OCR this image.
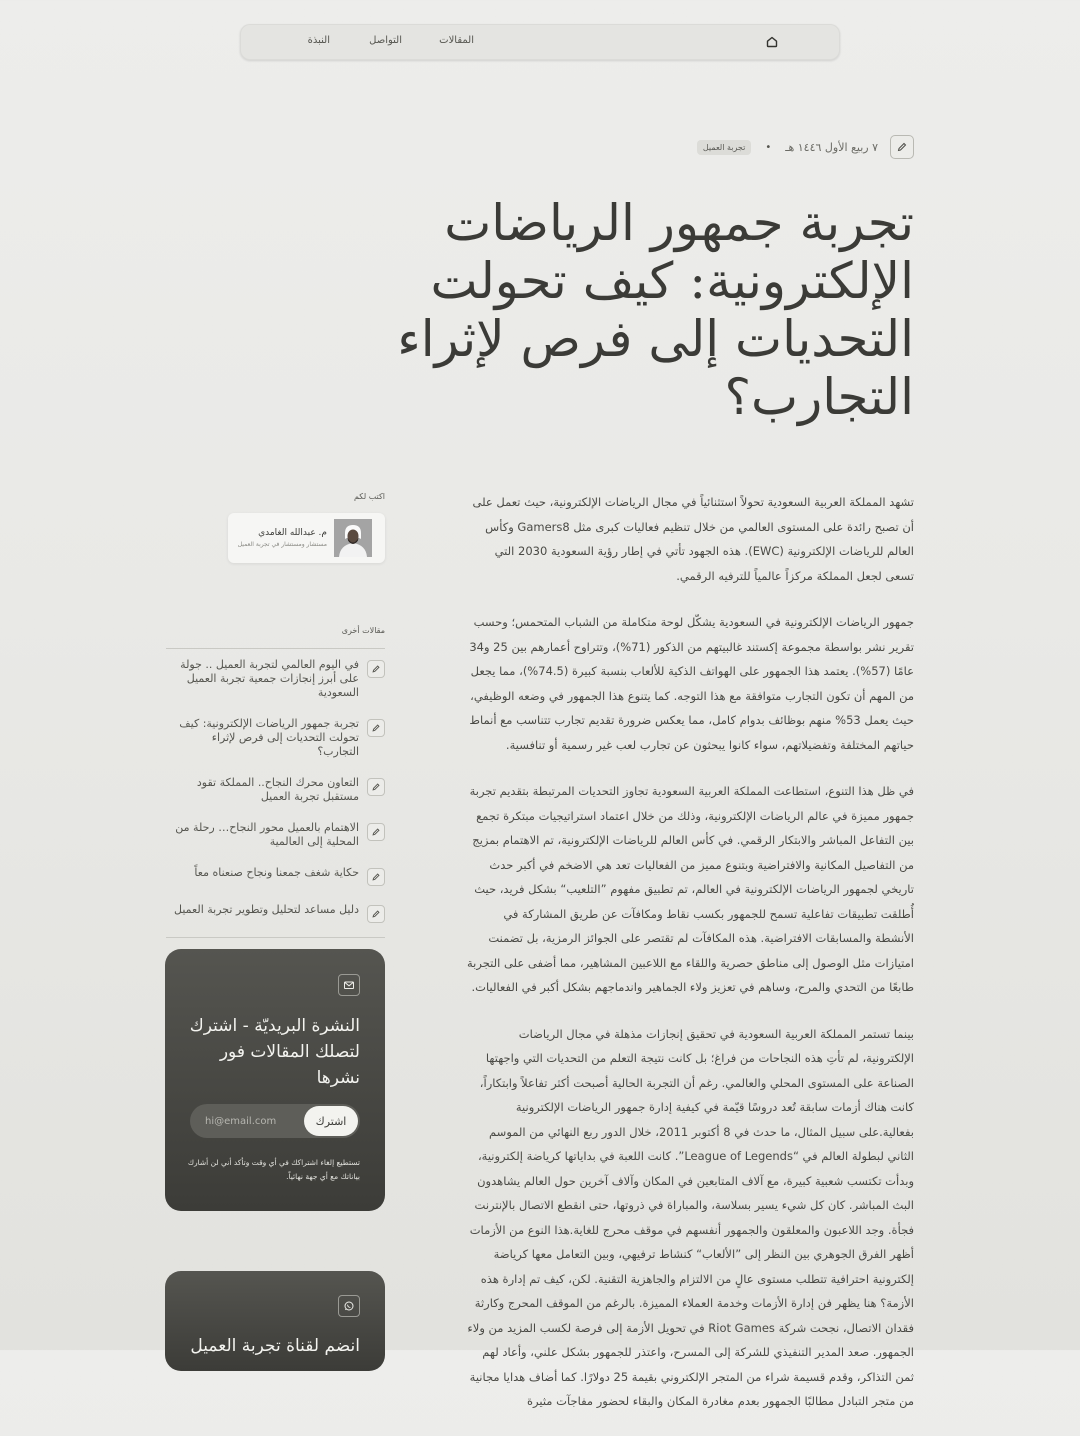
المقالات
التواصل
النبذة
٧ ربيع الأول ١٤٤٦ هـ
•
تجربة العميل
تجربة جمهور الرياضات الإلكترونية: كيف تحولت التحديات إلى فرص لإثراء التجارب؟

تشهد المملكة العربية السعودية تحولاً استثنائياً في مجال الرياضات الإلكترونية، حيث تعمل على أن تصبح رائدة على المستوى العالمي من خلال تنظيم فعاليات كبرى مثل Gamers8 وكأس العالم للرياضات الإلكترونية (EWC). هذه الجهود تأتي في إطار رؤية السعودية 2030 التي تسعى لجعل المملكة مركزاً عالمياً للترفيه الرقمي.

جمهور الرياضات الإلكترونية في السعودية يشكّل لوحة متكاملة من الشباب المتحمس؛ وحسب تقرير نشر بواسطة مجموعة إكستند غالبيتهم من الذكور (71%)، وتتراوح أعمارهم بين 25 و34 عامًا (57%). يعتمد هذا الجمهور على الهواتف الذكية للألعاب بنسبة كبيرة (74.5%)، مما يجعل من المهم أن تكون التجارب متوافقة مع هذا التوجه. كما يتنوع هذا الجمهور في وضعه الوظيفي، حيث يعمل 53% منهم بوظائف بدوام كامل، مما يعكس ضرورة تقديم تجارب تتناسب مع أنماط حياتهم المختلفة وتفضيلاتهم، سواء كانوا يبحثون عن تجارب لعب غير رسمية أو تنافسية.

في ظل هذا التنوع، استطاعت المملكة العربية السعودية تجاوز التحديات المرتبطة بتقديم تجربة جمهور مميزة في عالم الرياضات الإلكترونية، وذلك من خلال اعتماد استراتيجيات مبتكرة تجمع بين التفاعل المباشر والابتكار الرقمي. في كأس العالم للرياضات الإلكترونية، تم الاهتمام بمزيج من التفاصيل المكانية والافتراضية وبتنوع مميز من الفعاليات تعد هي الاضخم في أكبر حدث تاريخي لجمهور الرياضات الإلكترونية في العالم، تم تطبيق مفهوم ”التلعيب“ بشكل فريد، حيث أُطلقت تطبيقات تفاعلية تسمح للجمهور بكسب نقاط ومكافآت عن طريق المشاركة في الأنشطة والمسابقات الافتراضية. هذه المكافآت لم تقتصر على الجوائز الرمزية، بل تضمنت امتيازات مثل الوصول إلى مناطق حصرية واللقاء مع اللاعبين المشاهير، مما أضفى على التجربة طابعًا من التحدي والمرح، وساهم في تعزيز ولاء الجماهير واندماجهم بشكل أكبر في الفعاليات.

بينما تستمر المملكة العربية السعودية في تحقيق إنجازات مذهلة في مجال الرياضات الإلكترونية، لم تأتِ هذه النجاحات من فراغ؛ بل كانت نتيجة التعلم من التحديات التي واجهتها الصناعة على المستوى المحلي والعالمي. رغم أن التجربة الحالية أصبحت أكثر تفاعلاً وابتكاراً، كانت هناك أزمات سابقة تُعد دروسًا قيّمة في كيفية إدارة جمهور الرياضات الإلكترونية بفعالية.على سبيل المثال، ما حدث في 8 أكتوبر 2011، خلال الدور ربع النهائي من الموسم الثاني لبطولة العالم في “League of Legends”. كانت اللعبة في بداياتها كرياضة إلكترونية، وبدأت تكتسب شعبية كبيرة، مع آلاف المتابعين في المكان وآلاف آخرين حول العالم يشاهدون البث المباشر. كان كل شيء يسير بسلاسة، والمباراة في ذروتها، حتى انقطع الاتصال بالإنترنت فجأة. وجد اللاعبون والمعلقون والجمهور أنفسهم في موقف محرج للغاية.هذا النوع من الأزمات أظهر الفرق الجوهري بين النظر إلى ”الألعاب“ كنشاط ترفيهي، وبين التعامل معها كرياضة إلكترونية احترافية تتطلب مستوى عالٍ من الالتزام والجاهزية التقنية. لكن، كيف تم إدارة هذه الأزمة؟ هنا يظهر فن إدارة الأزمات وخدمة العملاء المميزة. بالرغم من الموقف المحرج وكارثة فقدان الاتصال، نجحت شركة Riot Games في تحويل الأزمة إلى فرصة لكسب المزيد من ولاء الجمهور. صعد المدير التنفيذي للشركة إلى المسرح، واعتذر للجمهور بشكل علني، وأعاد لهم ثمن التذاكر، وقدم قسيمة شراء من المتجر الإلكتروني بقيمة 25 دولارًا. كما أضاف هدايا مجانية من متجر التبادل مطالبًا الجمهور بعدم مغادرة المكان والبقاء لحضور مفاجآت مثيرة

اكتب لكم
م. عبدالله الغامدي
مستشار ومستشار في تجربة العميل
مقالات أخرى
في اليوم العالمي لتجربة العميل .. جولة على أبرز إنجازات جمعية تجربة العميل السعودية
تجربة جمهور الرياضات الإلكترونية: كيف تحولت التحديات إلى فرص لإثراء التجارب؟
التعاون محرك النجاح.. المملكة تقود مستقبل تجربة العميل
الاهتمام بالعميل محور النجاح… رحلة من المحلية إلى العالمية
حكاية شغف جمعنا ونجاح صنعناه معاً
دليل مساعد لتحليل وتطوير تجربة العميل
النشرة البريديّة - اشترك لتصلك المقالات فور نشرها
hi@email.com
اشترك
تستطيع إلغاء اشتراكك في أي وقت وتأكد أني لن أشارك بياناتك مع أي جهة نهائياً.
انضم لقناة تجربة العميل
